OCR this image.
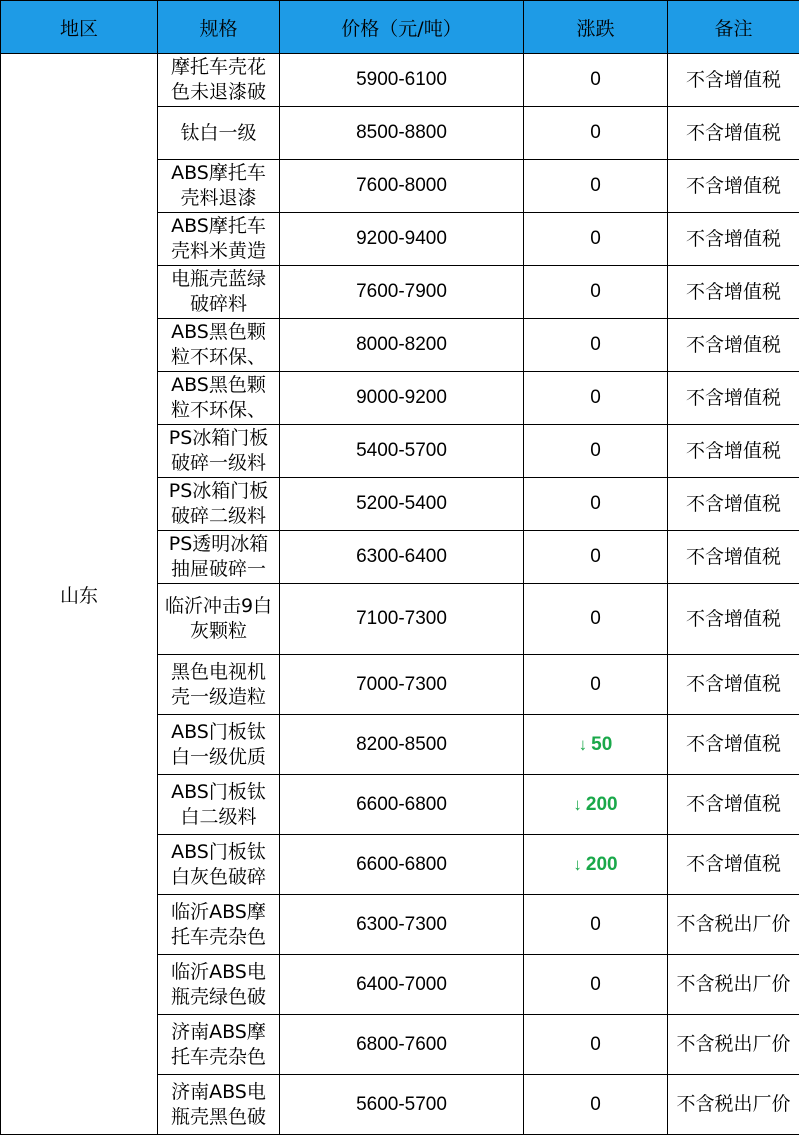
地区	规格	价格（元/吨）	涨跌	备注
山东	摩托车壳花色未退漆破	5900-6100	0	不含增值税

	钛白一级	8500-8800	0	不含增值税

	ABS摩托车壳料退漆	7600-8000	0	不含增值税

	ABS摩托车壳料米黄造	9200-9400	0	不含增值税

	电瓶壳蓝绿破碎料	7600-7900	0	不含增值税

	ABS黑色颗粒不环保、	8000-8200	0	不含增值税

	ABS黑色颗粒不环保、	9000-9200	0	不含增值税

	PS冰箱门板破碎一级料	5400-5700	0	不含增值税

	PS冰箱门板破碎二级料	5200-5400	0	不含增值税

	PS透明冰箱抽屉破碎一	6300-6400	0	不含增值税

	临沂冲击9白灰颗粒	7100-7300	0	不含增值税

	黑色电视机壳一级造粒	7000-7300	0	不含增值税

	ABS门板钛白一级优质	8200-8500	↓ 50	不含增值税

	ABS门板钛白二级料	6600-6800	↓ 200	不含增值税

	ABS门板钛白灰色破碎	6600-6800	↓ 200	不含增值税

	临沂ABS摩托车壳杂色	6300-7300	0	不含税出厂价

	临沂ABS电瓶壳绿色破	6400-7000	0	不含税出厂价

	济南ABS摩托车壳杂色	6800-7600	0	不含税出厂价

	济南ABS电瓶壳黑色破	5600-5700	0	不含税出厂价
